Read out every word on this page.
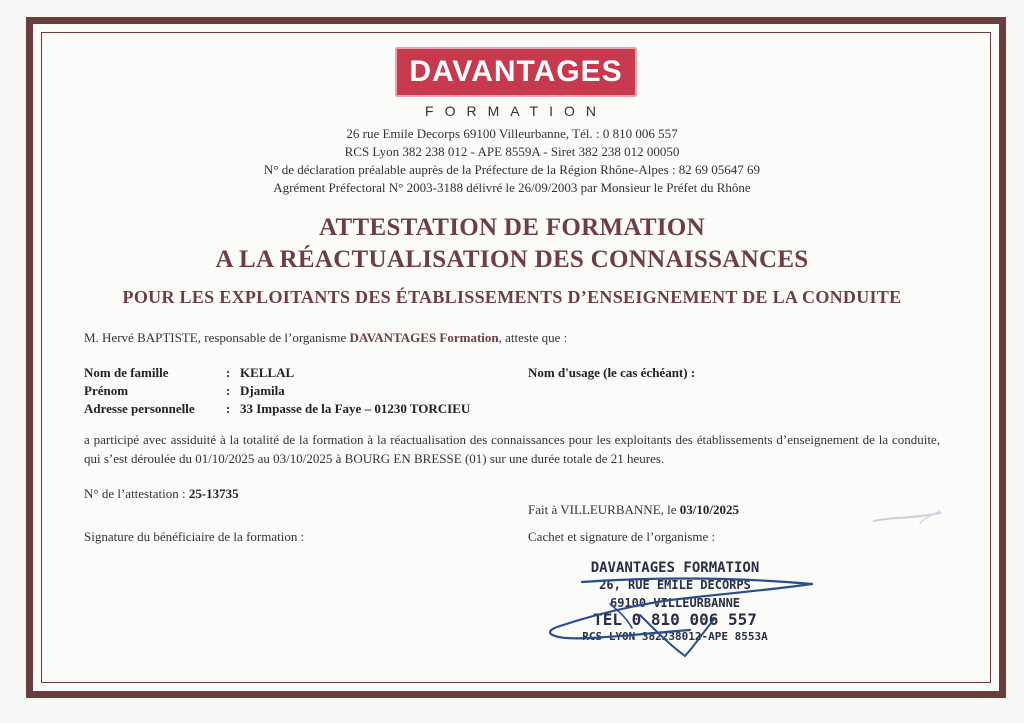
DAVANTAGES
FORMATION
26 rue Emile Decorps 69100 Villeurbanne, Tél. : 0 810 006 557
RCS Lyon 382 238 012 - APE 8559A - Siret 382 238 012 00050
N° de déclaration préalable auprès de la Préfecture de la Région Rhône-Alpes : 82 69 05647 69
Agrément Préfectoral N° 2003-3188 délivré le 26/09/2003 par Monsieur le Préfet du Rhône
ATTESTATION DE FORMATION
A LA RÉACTUALISATION DES CONNAISSANCES
POUR LES EXPLOITANTS DES ÉTABLISSEMENTS D’ENSEIGNEMENT DE LA CONDUITE
M. Hervé BAPTISTE, responsable de l’organisme DAVANTAGES Formation, atteste que :
Nom de famille	: KELLAL
Prénom	: Djamila
Adresse personnelle : 33 Impasse de la Faye – 01230 TORCIEU
Nom d'usage (le cas échéant) :
a participé avec assiduité à la totalité de la formation à la réactualisation des connaissances pour les exploitants des établissements d’enseignement de la conduite, qui s’est déroulée du 01/10/2025 au 03/10/2025 à BOURG EN BRESSE (01) sur une durée totale de 21 heures.
N° de l’attestation : 25-13735
Fait à VILLEURBANNE, le 03/10/2025
Signature du bénéficiaire de la formation :	Cachet et signature de l’organisme :
DAVANTAGES FORMATION
26, RUE EMILE DECORPS
69100 VILLEURBANNE
TEL 0 810 006 557
RCS LYON 382238012-APE 8553A
